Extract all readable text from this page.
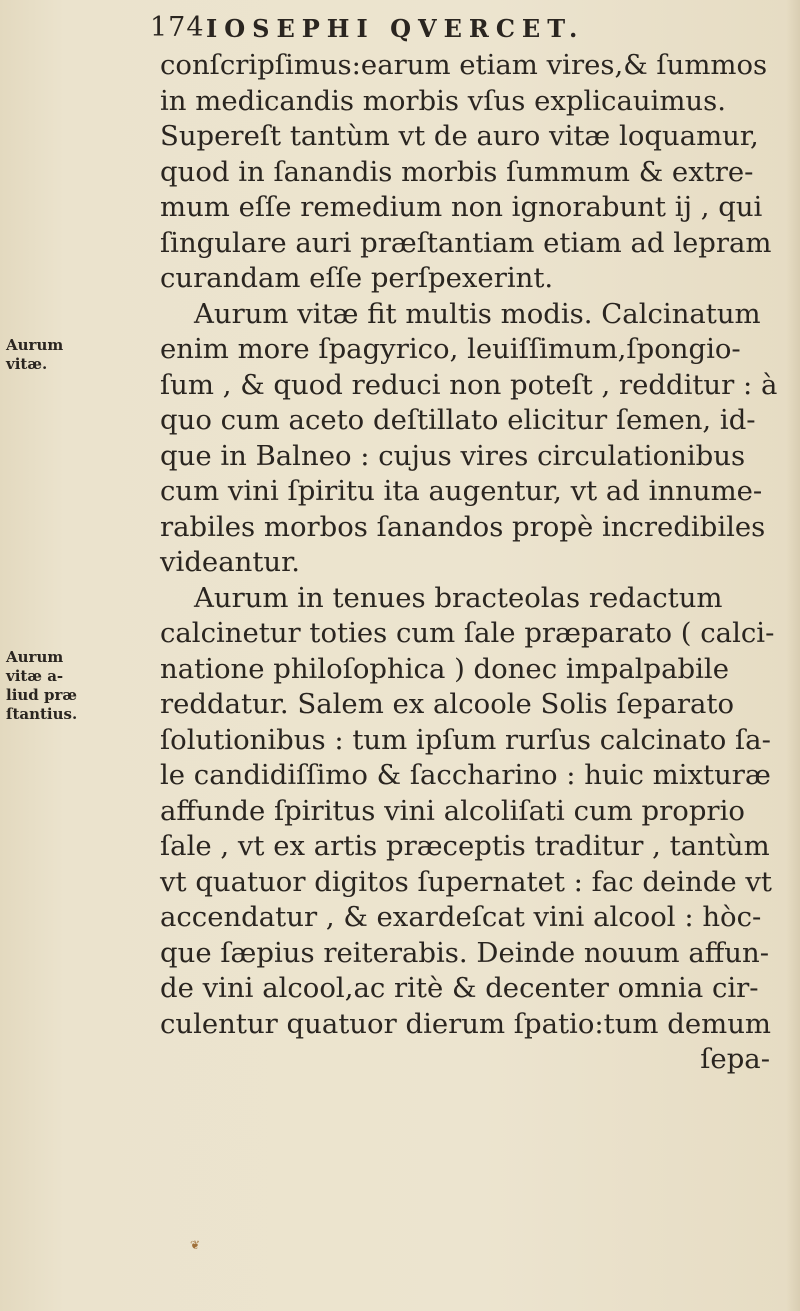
174 IOSEPHI QVERCET.
Aurum
vitæ.
Aurum
vitæ a-
liud præ
ſtantius.
conſcripſimus:earum etiam vires,& ſummos
in medicandis morbis vſus explicauimus.
Supereſt tantùm vt de auro vitæ loquamur,
quod in ſanandis morbis ſummum & extre-
mum eſſe remedium non ignorabunt ij , qui
ſingulare auri præſtantiam etiam ad lepram
curandam eſſe perſpexerint.
Aurum vitæ fit multis modis. Calcinatum
enim more ſpagyrico, leuiſſimum,ſpongio-
ſum , & quod reduci non poteſt , redditur : à
quo cum aceto deſtillato elicitur ſemen, id-
que in Balneo : cujus vires circulationibus
cum vini ſpiritu ita augentur, vt ad innume-
rabiles morbos ſanandos propè incredibiles
videantur.
Aurum in tenues bracteolas redactum
calcinetur toties cum ſale præparato ( calci-
natione philoſophica ) donec impalpabile
reddatur. Salem ex alcoole Solis ſeparato
ſolutionibus : tum ipſum rurſus calcinato ſa-
le candidiſſimo & ſaccharino : huic mixturæ
affunde ſpiritus vini alcoliſati cum proprio
ſale , vt ex artis præceptis traditur , tantùm
vt quatuor digitos ſupernatet : fac deinde vt
accendatur , & exardeſcat vini alcool : hòc-
que ſæpius reiterabis. Deinde nouum affun-
de vini alcool,ac ritè & decenter omnia cir-
culentur quatuor dierum ſpatio:tum demum
ſepa-
❦
